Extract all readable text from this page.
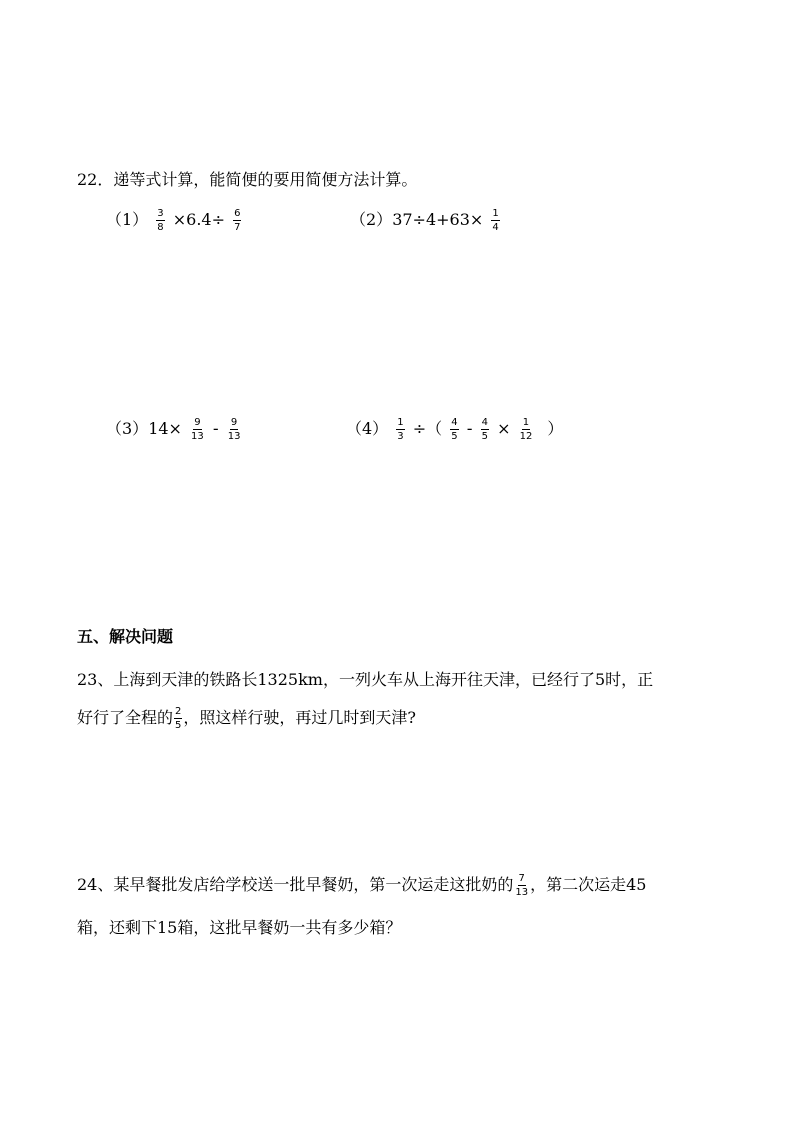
22．递等式计算，能简便的要用简便方法计算。
$(1) \frac{3}{8} \times 6.4\div \frac{6}{7}$	$(2)37\div 4+63\times \frac{1}{4}$
$(3)14\times \frac{9}{13} - \frac{9}{13}$	$(4) \frac{1}{3}$ ÷（ $\frac{4}{5} - \frac{4}{5} \times \frac{1}{12}$ ）
五、解决问题
23、上海到天津的铁路长1325km，一列火车从上海开往天津，已经行了5时，正
好行了全程的 $\frac{2}{5}$ ，照这样行驶，再过几时到天津?
24、某早餐批发店给学校送一批早餐奶，第一次运走这批奶的 $\frac{7}{13}$ ，第二次运走45
箱，还剩下15箱，这批早餐奶一共有多少箱？
